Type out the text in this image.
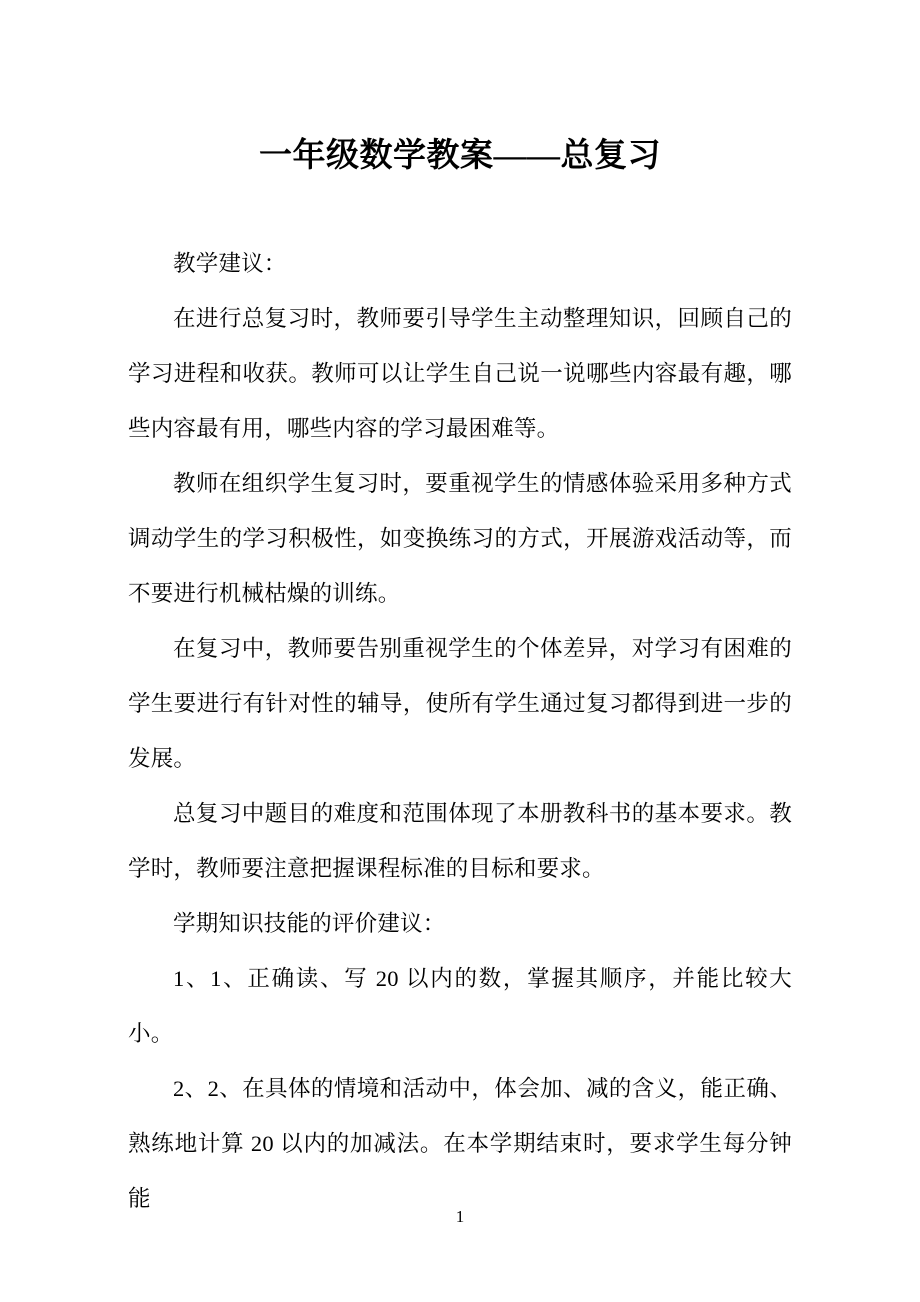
一年级数学教案——总复习

教学建议：

在进行总复习时，教师要引导学生主动整理知识，回顾自己的学习进程和收获。教师可以让学生自己说一说哪些内容最有趣，哪些内容最有用，哪些内容的学习最困难等。

教师在组织学生复习时，要重视学生的情感体验采用多种方式调动学生的学习积极性，如变换练习的方式，开展游戏活动等，而不要进行机械枯燥的训练。

在复习中，教师要告别重视学生的个体差异，对学习有困难的学生要进行有针对性的辅导，使所有学生通过复习都得到进一步的发展。

总复习中题目的难度和范围体现了本册教科书的基本要求。教学时，教师要注意把握课程标准的目标和要求。

学期知识技能的评价建议：

1、1、正确读、写 20 以内的数，掌握其顺序，并能比较大小。

2、2、在具体的情境和活动中，体会加、减的含义，能正确、熟练地计算 20 以内的加减法。在本学期结束时，要求学生每分钟能

1
